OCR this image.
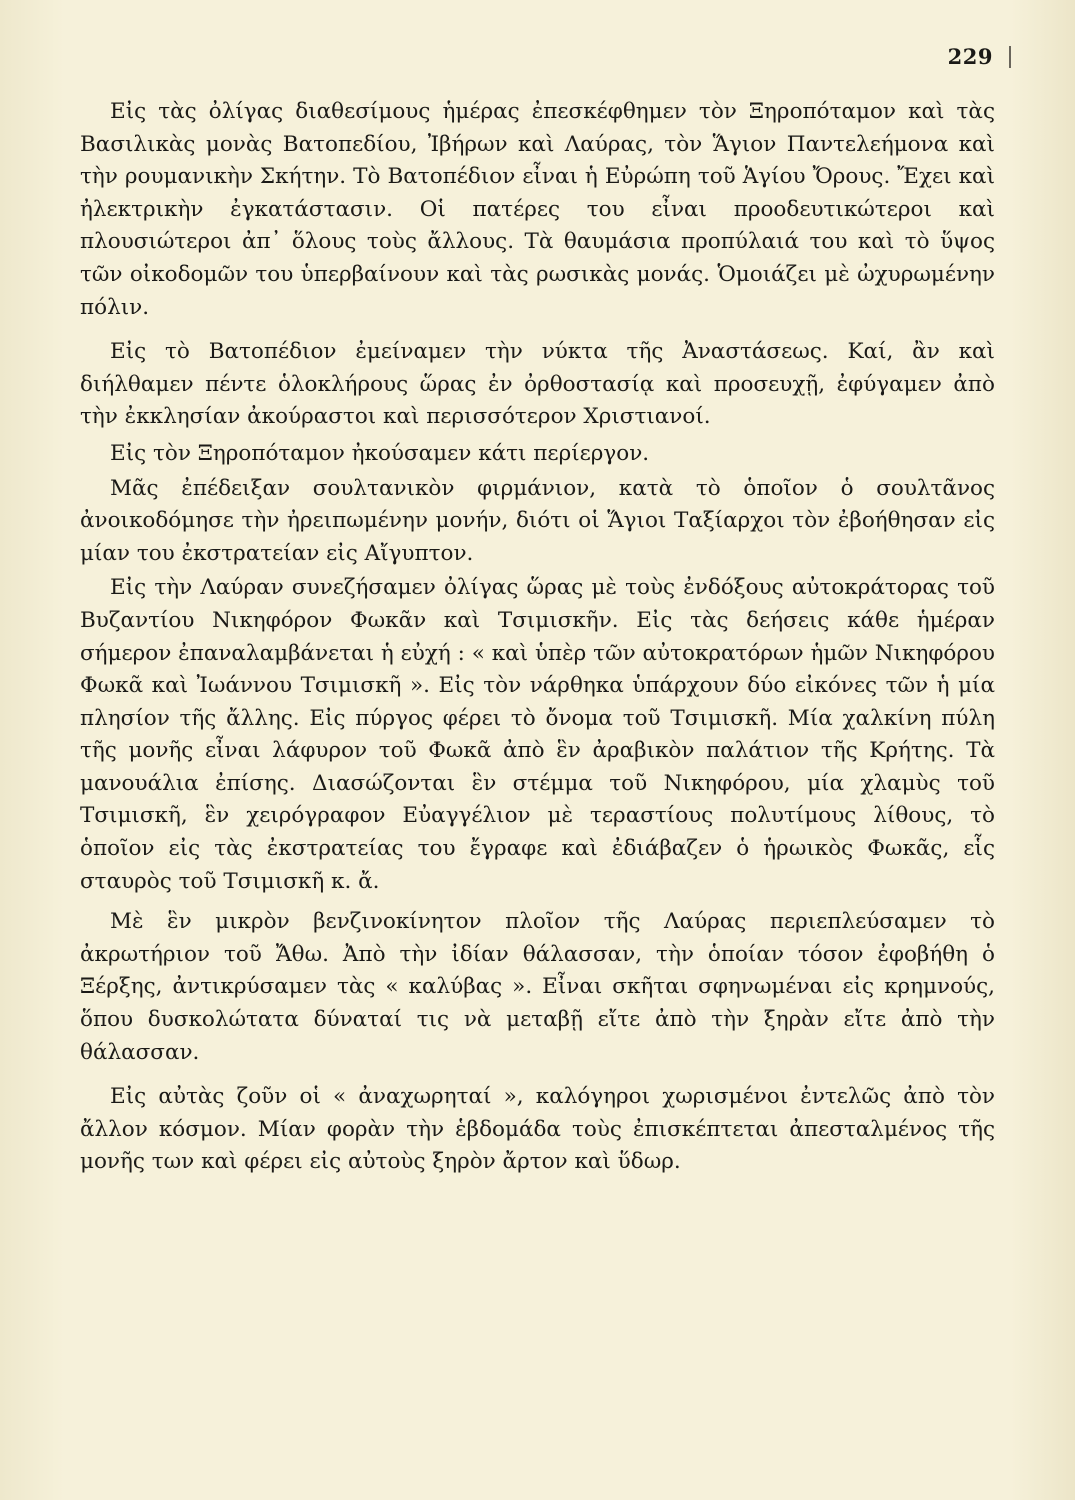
229

Εἰς τὰς ὀλίγας διαθεσίμους ἡμέρας ἐπεσκέφθημεν τὸν Ξηροπόταμον καὶ τὰς Βασιλικὰς μονὰς Βατοπεδίου, Ἰβήρων καὶ Λαύρας, τὸν Ἅγιον Παντελεήμονα καὶ τὴν ρουμανικὴν Σκήτην. Τὸ Βατοπέδιον εἶναι ἡ Εὐρώπη τοῦ Ἁγίου Ὄρους. Ἔχει καὶ ἠλεκτρικὴν ἐγκατάστασιν. Οἱ πατέρες του εἶναι προοδευτικώτεροι καὶ πλουσιώτεροι ἀπ᾽ ὅλους τοὺς ἄλλους. Τὰ θαυμάσια προπύλαιά του καὶ τὸ ὕψος τῶν οἰκοδομῶν του ὑπερβαίνουν καὶ τὰς ρωσικὰς μονάς. Ὁμοιάζει μὲ ὠχυρωμένην πόλιν.

Εἰς τὸ Βατοπέδιον ἐμείναμεν τὴν νύκτα τῆς Ἀναστάσεως. Καί, ἂν καὶ διήλθαμεν πέντε ὁλοκλήρους ὥρας ἐν ὀρθοστασίᾳ καὶ προσευχῇ, ἐφύγαμεν ἀπὸ τὴν ἐκκλησίαν ἀκούραστοι καὶ περισσότερον Χριστιανοί.

Εἰς τὸν Ξηροπόταμον ἠκούσαμεν κάτι περίεργον.

Μᾶς ἐπέδειξαν σουλτανικὸν φιρμάνιον, κατὰ τὸ ὁποῖον ὁ σουλτᾶνος ἀνοικοδόμησε τὴν ἠρειπωμένην μονήν, διότι οἱ Ἅγιοι Ταξίαρχοι τὸν ἐβοήθησαν εἰς μίαν του ἐκστρατείαν εἰς Αἴγυπτον.

Εἰς τὴν Λαύραν συνεζήσαμεν ὀλίγας ὥρας μὲ τοὺς ἐνδόξους αὐτοκράτορας τοῦ Βυζαντίου Νικηφόρον Φωκᾶν καὶ Τσιμισκῆν. Εἰς τὰς δεήσεις κάθε ἡμέραν σήμερον ἐπαναλαμβάνεται ἡ εὐχή : « καὶ ὑπὲρ τῶν αὐτοκρατόρων ἡμῶν Νικηφόρου Φωκᾶ καὶ Ἰωάννου Τσιμισκῆ ». Εἰς τὸν νάρθηκα ὑπάρχουν δύο εἰκόνες τῶν ἡ μία πλησίον τῆς ἄλλης. Εἰς πύργος φέρει τὸ ὄνομα τοῦ Τσιμισκῆ. Μία χαλκίνη πύλη τῆς μονῆς εἶναι λάφυρον τοῦ Φωκᾶ ἀπὸ ἓν ἀραβικὸν παλάτιον τῆς Κρήτης. Τὰ μανουάλια ἐπίσης. Διασώζονται ἓν στέμμα τοῦ Νικηφόρου, μία χλαμὺς τοῦ Τσιμισκῆ, ἓν χειρόγραφον Εὐαγγέλιον μὲ τεραστίους πολυτίμους λίθους, τὸ ὁποῖον εἰς τὰς ἐκστρατείας του ἔγραφε καὶ ἐδιάβαζεν ὁ ἡρωικὸς Φωκᾶς, εἷς σταυρὸς τοῦ Τσιμισκῆ κ. ἄ.

Μὲ ἓν μικρὸν βενζινοκίνητον πλοῖον τῆς Λαύρας περιεπλεύσαμεν τὸ ἀκρωτήριον τοῦ Ἄθω. Ἀπὸ τὴν ἰδίαν θάλασσαν, τὴν ὁποίαν τόσον ἐφοβήθη ὁ Ξέρξης, ἀντικρύσαμεν τὰς « καλύβας ». Εἶναι σκῆται σφηνωμέναι εἰς κρημνούς, ὅπου δυσκολώτατα δύναταί τις νὰ μεταβῇ εἴτε ἀπὸ τὴν ξηρὰν εἴτε ἀπὸ τὴν θάλασσαν.

Εἰς αὐτὰς ζοῦν οἱ « ἀναχωρηταί », καλόγηροι χωρισμένοι ἐντελῶς ἀπὸ τὸν ἄλλον κόσμον. Μίαν φορὰν τὴν ἑβδομάδα τοὺς ἐπισκέπτεται ἀπεσταλμένος τῆς μονῆς των καὶ φέρει εἰς αὐτοὺς ξηρὸν ἄρτον καὶ ὕδωρ.
